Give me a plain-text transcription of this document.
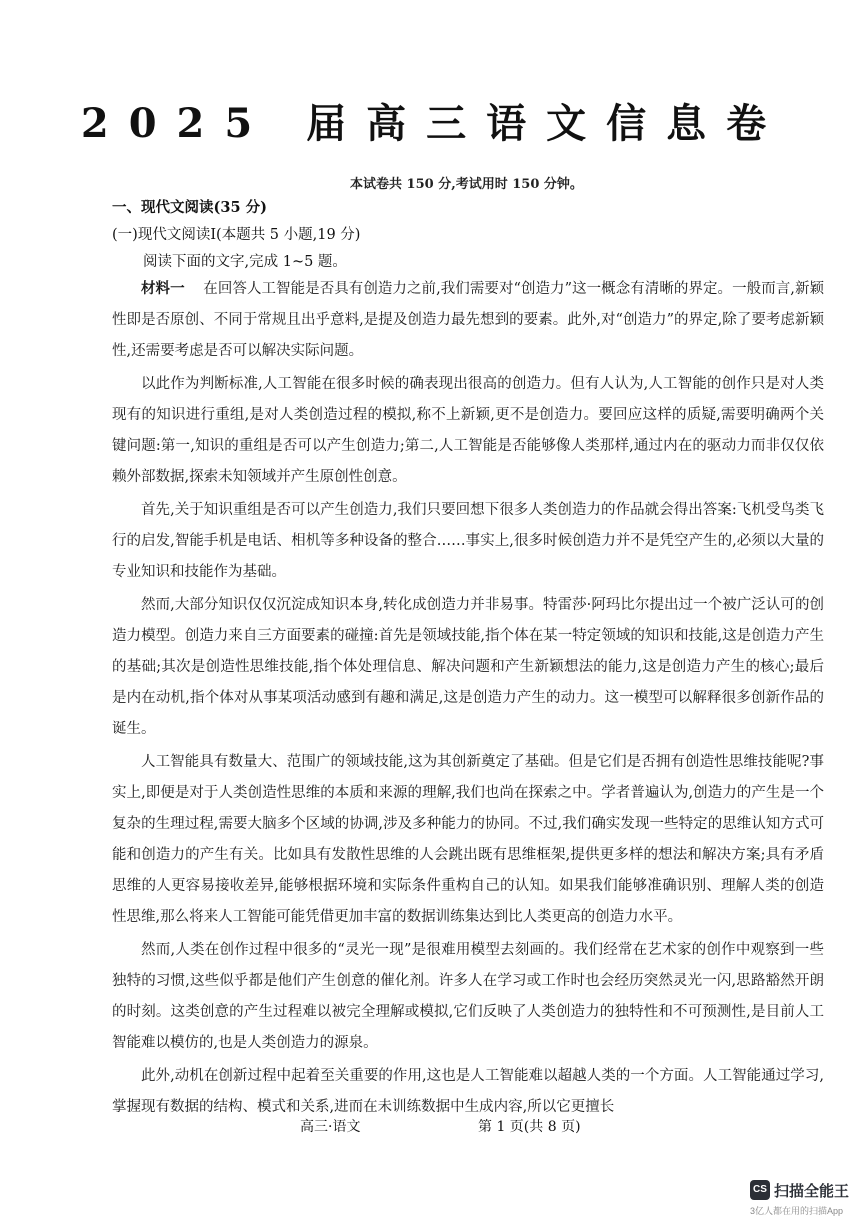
2025 届高三语文信息卷
本试卷共 150 分,考试用时 150 分钟。
一、现代文阅读(35 分)
(一)现代文阅读Ⅰ(本题共 5 小题,19 分)
阅读下面的文字,完成 1~5 题。

材料一 在回答人工智能是否具有创造力之前,我们需要对“创造力”这一概念有清晰的界定。一般而言,新颖性即是否原创、不同于常规且出乎意料,是提及创造力最先想到的要素。此外,对“创造力”的界定,除了要考虑新颖性,还需要考虑是否可以解决实际问题。

以此作为判断标准,人工智能在很多时候的确表现出很高的创造力。但有人认为,人工智能的创作只是对人类现有的知识进行重组,是对人类创造过程的模拟,称不上新颖,更不是创造力。要回应这样的质疑,需要明确两个关键问题:第一,知识的重组是否可以产生创造力;第二,人工智能是否能够像人类那样,通过内在的驱动力而非仅仅依赖外部数据,探索未知领域并产生原创性创意。

首先,关于知识重组是否可以产生创造力,我们只要回想下很多人类创造力的作品就会得出答案:飞机受鸟类飞行的启发,智能手机是电话、相机等多种设备的整合……事实上,很多时候创造力并不是凭空产生的,必须以大量的专业知识和技能作为基础。

然而,大部分知识仅仅沉淀成知识本身,转化成创造力并非易事。特雷莎·阿玛比尔提出过一个被广泛认可的创造力模型。创造力来自三方面要素的碰撞:首先是领域技能,指个体在某一特定领域的知识和技能,这是创造力产生的基础;其次是创造性思维技能,指个体处理信息、解决问题和产生新颖想法的能力,这是创造力产生的核心;最后是内在动机,指个体对从事某项活动感到有趣和满足,这是创造力产生的动力。这一模型可以解释很多创新作品的诞生。

人工智能具有数量大、范围广的领域技能,这为其创新奠定了基础。但是它们是否拥有创造性思维技能呢?事实上,即便是对于人类创造性思维的本质和来源的理解,我们也尚在探索之中。学者普遍认为,创造力的产生是一个复杂的生理过程,需要大脑多个区域的协调,涉及多种能力的协同。不过,我们确实发现一些特定的思维认知方式可能和创造力的产生有关。比如具有发散性思维的人会跳出既有思维框架,提供更多样的想法和解决方案;具有矛盾思维的人更容易接收差异,能够根据环境和实际条件重构自己的认知。如果我们能够准确识别、理解人类的创造性思维,那么将来人工智能可能凭借更加丰富的数据训练集达到比人类更高的创造力水平。

然而,人类在创作过程中很多的“灵光一现”是很难用模型去刻画的。我们经常在艺术家的创作中观察到一些独特的习惯,这些似乎都是他们产生创意的催化剂。许多人在学习或工作时也会经历突然灵光一闪,思路豁然开朗的时刻。这类创意的产生过程难以被完全理解或模拟,它们反映了人类创造力的独特性和不可预测性,是目前人工智能难以模仿的,也是人类创造力的源泉。

此外,动机在创新过程中起着至关重要的作用,这也是人工智能难以超越人类的一个方面。人工智能通过学习,掌握现有数据的结构、模式和关系,进而在未训练数据中生成内容,所以它更擅长

高三·语文	第 1 页(共 8 页)
CS 扫描全能王
3亿人都在用的扫描App
